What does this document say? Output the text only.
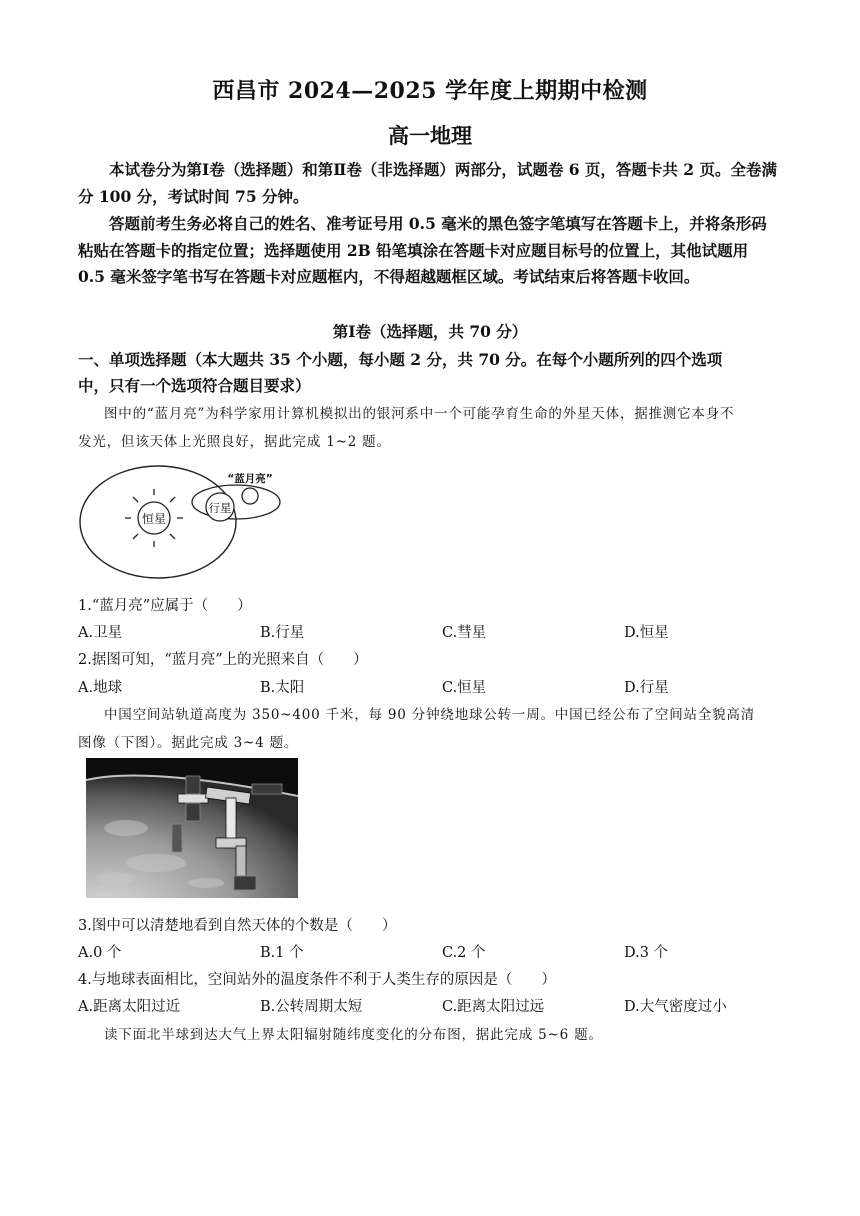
西昌市 2024—2025 学年度上期期中检测
高一地理
本试卷分为第Ⅰ卷（选择题）和第Ⅱ卷（非选择题）两部分，试题卷 6 页，答题卡共 2 页。全卷满分 100 分，考试时间 75 分钟。
答题前考生务必将自己的姓名、准考证号用 0.5 毫米的黑色签字笔填写在答题卡上，并将条形码粘贴在答题卡的指定位置；选择题使用 2B 铅笔填涂在答题卡对应题目标号的位置上，其他试题用 0.5 毫米签字笔书写在答题卡对应题框内，不得超越题框区域。考试结束后将答题卡收回。
第Ⅰ卷（选择题，共 70 分）
一、单项选择题（本大题共 35 个小题，每小题 2 分，共 70 分。在每个小题所列的四个选项
中，只有一个选项符合题目要求）
图中的“蓝月亮”为科学家用计算机模拟出的银河系中一个可能孕育生命的外星天体，据推测它本身不
发光，但该天体上光照良好，据此完成 1~2 题。
恒星
行星
“蓝月亮”
1.“蓝月亮”应属于（　　）
A.卫星	B.行星	C.彗星	D.恒星
2.据图可知，“蓝月亮”上的光照来自（　　）
A.地球	B.太阳	C.恒星	D.行星
中国空间站轨道高度为 350~400 千米，每 90 分钟绕地球公转一周。中国已经公布了空间站全貌高清
图像（下图）。据此完成 3~4 题。
3.图中可以清楚地看到自然天体的个数是（　　）
A.0 个	B.1 个	C.2 个	D.3 个
4.与地球表面相比，空间站外的温度条件不利于人类生存的原因是（　　）
A.距离太阳过近	B.公转周期太短	C.距离太阳过远	D.大气密度过小
读下面北半球到达大气上界太阳辐射随纬度变化的分布图，据此完成 5~6 题。
